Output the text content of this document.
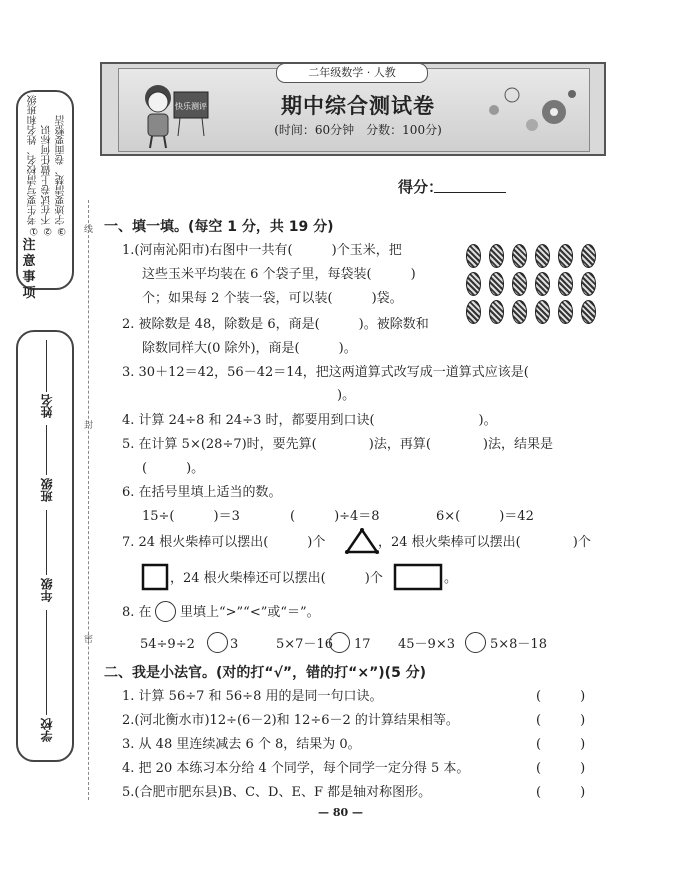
①考生要写清校名、姓名和班级 ②不在试卷上做任何标识 ③字迹要清楚、卷面要整洁
注意事项
姓名
班级
年级
学校
线
封
密
快乐测评
二年级数学 · 人教
期中综合测试卷
(时间：60分钟　分数：100分)
得分：
一、填一填。(每空 1 分，共 19 分)
1.(河南沁阳市)右图中一共有(　　　)个玉米，把
这些玉米平均装在 6 个袋子里，每袋装(　　　)
个；如果每 2 个装一袋，可以装(　　　)袋。
2. 被除数是 48，除数是 6，商是(　　　)。被除数和
除数同样大(0 除外)，商是(　　　)。
3. 30＋12＝42，56－42＝14，把这两道算式改写成一道算式应该是(
　　　　　　　　　　　　　　　)。
4. 计算 24÷8 和 24÷3 时，都要用到口诀(　　　　　　　　)。
5. 在计算 5×(28÷7)时，要先算(　　　　)法，再算(　　　　)法，结果是
(　　　)。
6. 在括号里填上适当的数。
15÷(　　　)＝3	(　　　)÷4＝8	6×(　　　)＝42
7. 24 根火柴棒可以摆出(　　　)个	，24 根火柴棒可以摆出(　　　　)个
，24 根火柴棒还可以摆出(　　　)个	。
8. 在 里填上“>”“<”或“＝”。
54÷9÷2	3	5×7－16 17 45－9×3	5×8－18
二、我是小法官。(对的打“√”，错的打“×”)(5 分)
1. 计算 56÷7 和 56÷8 用的是同一句口诀。	(　　　)
2.(河北衡水市)12÷(6－2)和 12÷6－2 的计算结果相等。	(　　　)
3. 从 48 里连续减去 6 个 8，结果为 0。	(　　　)
4. 把 20 本练习本分给 4 个同学，每个同学一定分得 5 本。	(　　　)
5.(合肥市肥东县)B、C、D、E、F 都是轴对称图形。	(　　　)
— 80 —
